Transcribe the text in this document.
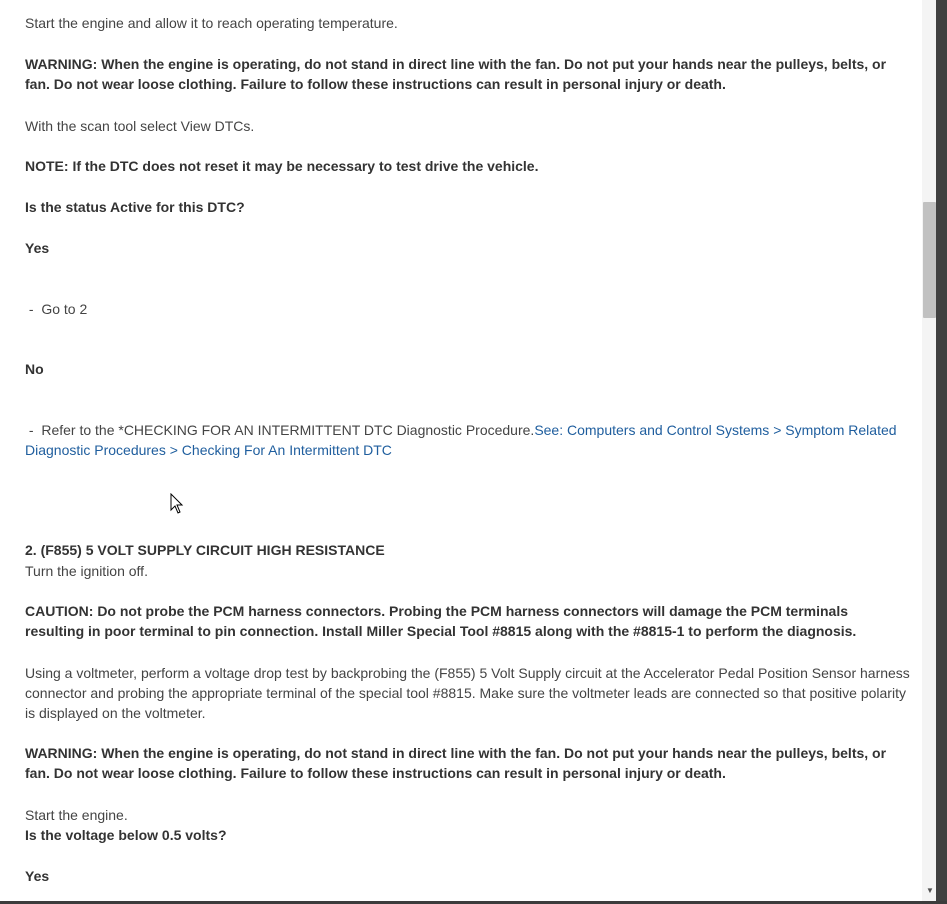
Start the engine and allow it to reach operating temperature.

WARNING: When the engine is operating, do not stand in direct line with the fan. Do not put your hands near the pulleys, belts, or fan. Do not wear loose clothing. Failure to follow these instructions can result in personal injury or death.

With the scan tool select View DTCs.

NOTE: If the DTC does not reset it may be necessary to test drive the vehicle.

Is the status Active for this DTC?

Yes

-  Go to 2

No

-  Refer to the *CHECKING FOR AN INTERMITTENT DTC Diagnostic Procedure.See: Computers and Control Systems > Symptom Related Diagnostic Procedures > Checking For An Intermittent DTC

2. (F855) 5 VOLT SUPPLY CIRCUIT HIGH RESISTANCE

Turn the ignition off.

CAUTION: Do not probe the PCM harness connectors. Probing the PCM harness connectors will damage the PCM terminals resulting in poor terminal to pin connection. Install Miller Special Tool #8815 along with the #8815-1 to perform the diagnosis.

Using a voltmeter, perform a voltage drop test by backprobing the (F855) 5 Volt Supply circuit at the Accelerator Pedal Position Sensor harness connector and probing the appropriate terminal of the special tool #8815. Make sure the voltmeter leads are connected so that positive polarity is displayed on the voltmeter.

WARNING: When the engine is operating, do not stand in direct line with the fan. Do not put your hands near the pulleys, belts, or fan. Do not wear loose clothing. Failure to follow these instructions can result in personal injury or death.

Start the engine.

Is the voltage below 0.5 volts?

Yes

▼
